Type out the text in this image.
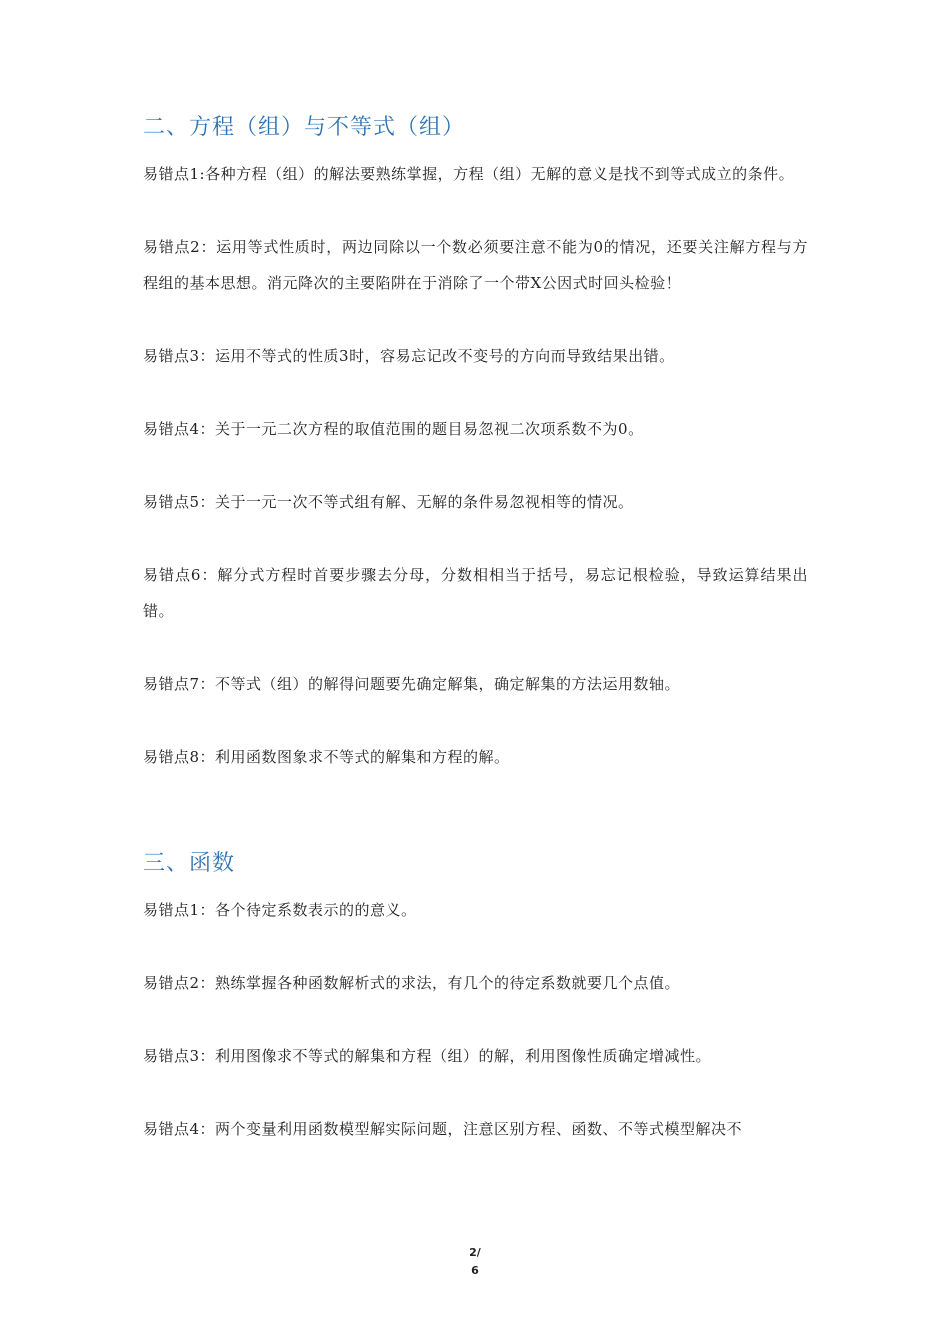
二、方程（组）与不等式（组）

易错点1:各种方程（组）的解法要熟练掌握，方程（组）无解的意义是找不到等式成立的条件。

易错点2：运用等式性质时，两边同除以一个数必须要注意不能为0的情况，还要关注解方程与方程组的基本思想。消元降次的主要陷阱在于消除了一个带X公因式时回头检验！

易错点3：运用不等式的性质3时，容易忘记改不变号的方向而导致结果出错。

易错点4：关于一元二次方程的取值范围的题目易忽视二次项系数不为0。

易错点5：关于一元一次不等式组有解、无解的条件易忽视相等的情况。

易错点6：解分式方程时首要步骤去分母，分数相相当于括号，易忘记根检验，导致运算结果出错。

易错点7：不等式（组）的解得问题要先确定解集，确定解集的方法运用数轴。

易错点8：利用函数图象求不等式的解集和方程的解。

三、函数

易错点1：各个待定系数表示的的意义。

易错点2：熟练掌握各种函数解析式的求法，有几个的待定系数就要几个点值。

易错点3：利用图像求不等式的解集和方程（组）的解，利用图像性质确定增减性。

易错点4：两个变量利用函数模型解实际问题，注意区别方程、函数、不等式模型解决不

2/
6
